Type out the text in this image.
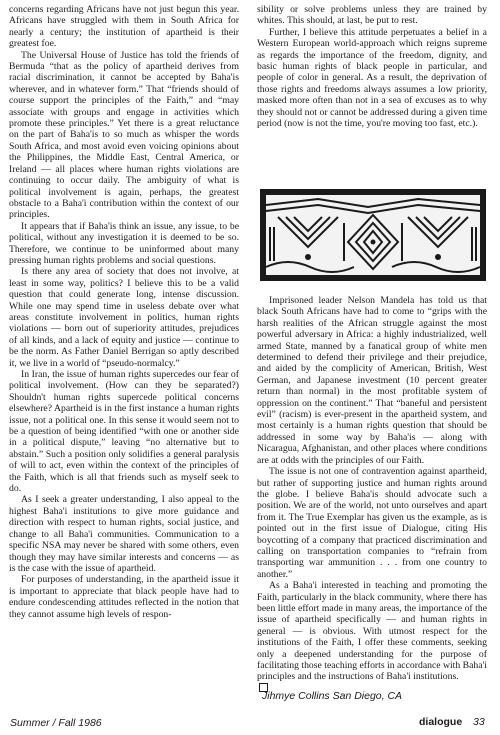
concerns regarding Africans have not just begun this year. Africans have struggled with them in South Africa for nearly a century; the institution of apartheid is their greatest foe.

The Universal House of Justice has told the friends of Bermuda “that as the policy of apartheid derives from racial discrimination, it cannot be accepted by Baha'is wherever, and in whatever form.” That “friends should of course support the principles of the Faith,” and “may associate with groups and engage in activities which promote these principles.” Yet there is a great reluctance on the part of Baha'is to so much as whisper the words South Africa, and most avoid even voicing opinions about the Philippines, the Middle East, Central America, or Ireland — all places where human rights violations are continuing to occur daily. The ambiguity of what is political involvement is again, perhaps, the greatest obstacle to a Baha'i contribution within the context of our principles.

It appears that if Baha'is think an issue, any issue, to be political, without any investigation it is deemed to be so. Therefore, we continue to be uninformed about many pressing human rights problems and social questions.

Is there any area of society that does not involve, at least in some way, politics? I believe this to be a valid question that could generate long, intense discussion. While one may spend time in useless debate over what areas constitute involvement in politics, human rights violations — born out of superiority attitudes, prejudices of all kinds, and a lack of equity and justice — continue to be the norm. As Father Daniel Berrigan so aptly described it, we live in a world of “pseudo-normalcy.”

In Iran, the issue of human rights supercedes our fear of political involvement. (How can they be separated?) Shouldn't human rights supercede political concerns elsewhere? Apartheid is in the first instance a human rights issue, not a political one. In this sense it would seem not to be a question of being identified “with one or another side in a political dispute,” leaving “no alternative but to abstain.” Such a position only solidifies a general paralysis of will to act, even within the context of the principles of the Faith, which is all that friends such as myself seek to do.

As I seek a greater understanding, I also appeal to the highest Baha'i institutions to give more guidance and direction with respect to human rights, social justice, and change to all Baha'i communities. Communication to a specific NSA may never be shared with some others, even though they may have similar interests and concerns — as is the case with the issue of apartheid.

For purposes of understanding, in the apartheid issue it is important to appreciate that black people have had to endure condescending attitudes reflected in the notion that they cannot assume high levels of respon-

sibility or solve problems unless they are trained by whites. This should, at last, be put to rest.

Further, I believe this attitude perpetuates a belief in a Western European world-approach which reigns supreme as regards the importance of the freedom, dignity, and basic human rights of black people in particular, and people of color in general. As a result, the deprivation of those rights and freedoms always assumes a low priority, masked more often than not in a sea of excuses as to why they should not or cannot be addressed during a given time period (now is not the time, you're moving too fast, etc.).

Imprisoned leader Nelson Mandela has told us that black South Africans have had to come to “grips with the harsh realities of the African struggle against the most powerful adversary in Africa: a highly industrialized, well armed State, manned by a fanatical group of white men determined to defend their privilege and their prejudice, and aided by the complicity of American, British, West German, and Japanese investment (10 percent greater return than normal) in the most profitable system of oppression on the continent.” That “baneful and persistent evil” (racism) is ever-present in the apartheid system, and most certainly is a human rights question that should be addressed in some way by Baha'is — along with Nicaragua, Afghanistan, and other places where conditions are at odds with the principles of our Faith.

The issue is not one of contravention against apartheid, but rather of supporting justice and human rights around the globe. I believe Baha'is should advocate such a position. We are of the world, not unto ourselves and apart from it. The True Exemplar has given us the example, as is pointed out in the first issue of Dialogue, citing His boycotting of a company that practiced discrimination and calling on transportation companies to “refrain from transporting war ammunition . . . from one country to another.”

As a Baha'i interested in teaching and promoting the Faith, particularly in the black community, where there has been little effort made in many areas, the importance of the issue of apartheid specifically — and human rights in general — is obvious. With utmost respect for the institutions of the Faith, I offer these comments, seeking only a deepened understanding for the purpose of facilitating those teaching efforts in accordance with Baha'i principles and the instructions of Baha'i institutions.

Jihmye Collins San Diego, CA
Summer / Fall 1986	dialogue 33
